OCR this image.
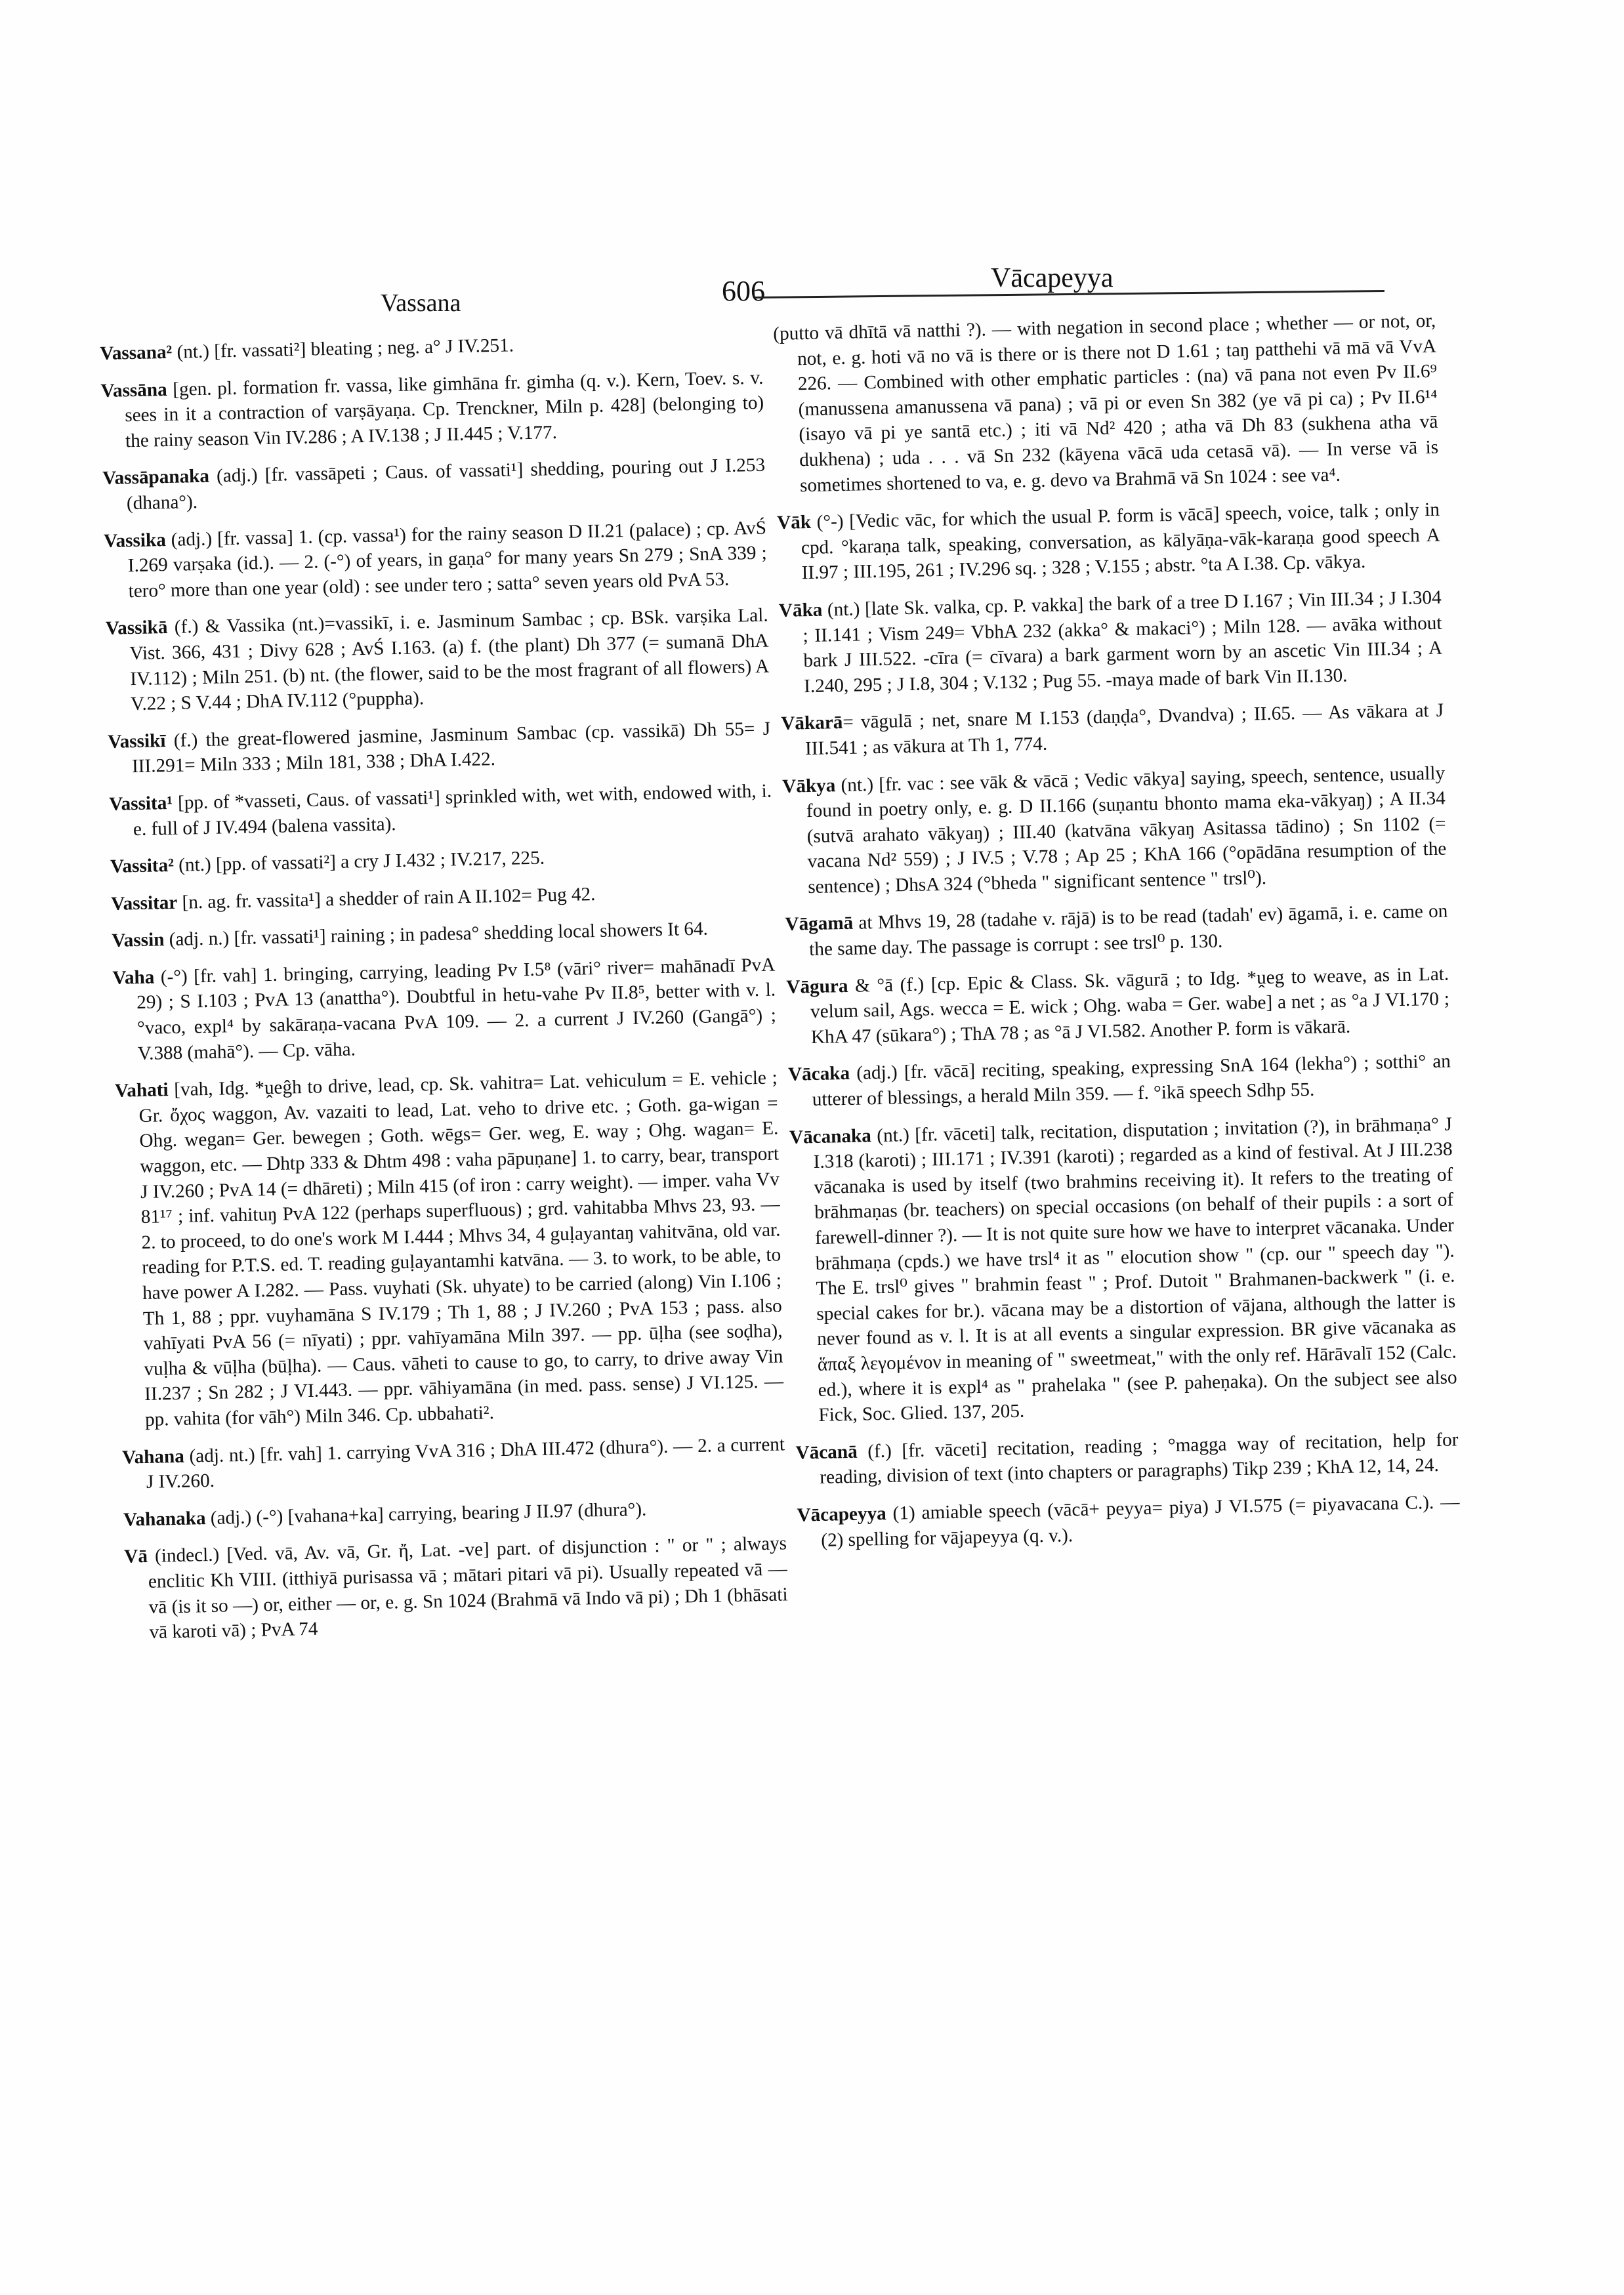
Vassana	606	Vācapeyya

Vassana² (nt.) [fr. vassati²] bleating ; neg. a° J IV.251.

Vassāna [gen. pl. formation fr. vassa, like gimhāna fr. gimha (q. v.). Kern, Toev. s. v. sees in it a contraction of varṣāyaṇa. Cp. Trenckner, Miln p. 428] (belonging to) the rainy season Vin IV.286 ; A IV.138 ; J II.445 ; V.177.

Vassāpanaka (adj.) [fr. vassāpeti ; Caus. of vassati¹] shedding, pouring out J I.253 (dhana°).

Vassika (adj.) [fr. vassa] 1. (cp. vassa¹) for the rainy season D II.21 (palace) ; cp. AvŚ I.269 varṣaka (id.). — 2. (-°) of years, in gaṇa° for many years Sn 279 ; SnA 339 ; tero° more than one year (old) : see under tero ; satta° seven years old PvA 53.

Vassikā (f.) & Vassika (nt.)=vassikī, i. e. Jasminum Sambac ; cp. BSk. varṣika Lal. Vist. 366, 431 ; Divy 628 ; AvŚ I.163. (a) f. (the plant) Dh 377 (= sumanā DhA IV.112) ; Miln 251. (b) nt. (the flower, said to be the most fragrant of all flowers) A V.22 ; S V.44 ; DhA IV.112 (°puppha).

Vassikī (f.) the great-flowered jasmine, Jasminum Sambac (cp. vassikā) Dh 55= J III.291= Miln 333 ; Miln 181, 338 ; DhA I.422.

Vassita¹ [pp. of *vasseti, Caus. of vassati¹] sprinkled with, wet with, endowed with, i. e. full of J IV.494 (balena vassita).

Vassita² (nt.) [pp. of vassati²] a cry J I.432 ; IV.217, 225.

Vassitar [n. ag. fr. vassita¹] a shedder of rain A II.102= Pug 42.

Vassin (adj. n.) [fr. vassati¹] raining ; in padesa° shedding local showers It 64.

Vaha (-°) [fr. vah] 1. bringing, carrying, leading Pv I.5⁸ (vāri° river= mahānadī PvA 29) ; S I.103 ; PvA 13 (anattha°). Doubtful in hetu-vahe Pv II.8⁵, better with v. l. °vaco, expl⁴ by sakāraṇa-vacana PvA 109. — 2. a current J IV.260 (Gangā°) ; V.388 (mahā°). — Cp. vāha.

Vahati [vah, Idg. *ṷeĝh to drive, lead, cp. Sk. vahitra= Lat. vehiculum = E. vehicle ; Gr. ὄχος waggon, Av. vazaiti to lead, Lat. veho to drive etc. ; Goth. ga-wigan = Ohg. wegan= Ger. bewegen ; Goth. wēgs= Ger. weg, E. way ; Ohg. wagan= E. waggon, etc. — Dhtp 333 & Dhtm 498 : vaha pāpuṇane] 1. to carry, bear, transport J IV.260 ; PvA 14 (= dhāreti) ; Miln 415 (of iron : carry weight). — imper. vaha Vv 81¹⁷ ; inf. vahituŋ PvA 122 (perhaps superfluous) ; grd. vahitabba Mhvs 23, 93. — 2. to proceed, to do one's work M I.444 ; Mhvs 34, 4 guḷayantaŋ vahitvāna, old var. reading for P.T.S. ed. T. reading guḷayantamhi katvāna. — 3. to work, to be able, to have power A I.282. — Pass. vuyhati (Sk. uhyate) to be carried (along) Vin I.106 ; Th 1, 88 ; ppr. vuyhamāna S IV.179 ; Th 1, 88 ; J IV.260 ; PvA 153 ; pass. also vahīyati PvA 56 (= nīyati) ; ppr. vahīyamāna Miln 397. — pp. ūḷha (see soḍha), vuḷha & vūḷha (būḷha). — Caus. vāheti to cause to go, to carry, to drive away Vin II.237 ; Sn 282 ; J VI.443. — ppr. vāhiyamāna (in med. pass. sense) J VI.125. — pp. vahita (for vāh°) Miln 346. Cp. ubbahati².

Vahana (adj. nt.) [fr. vah] 1. carrying VvA 316 ; DhA III.472 (dhura°). — 2. a current J IV.260.

Vahanaka (adj.) (-°) [vahana+ka] carrying, bearing J II.97 (dhura°).

Vā (indecl.) [Ved. vā, Av. vā, Gr. ἤ, Lat. -ve] part. of disjunction : " or " ; always enclitic Kh VIII. (itthiyā purisassa vā ; mātari pitari vā pi). Usually repeated vā — vā (is it so —) or, either — or, e. g. Sn 1024 (Brahmā vā Indo vā pi) ; Dh 1 (bhāsati vā karoti vā) ; PvA 74

(putto vā dhītā vā natthi ?). — with negation in second place ; whether — or not, or, not, e. g. hoti vā no vā is there or is there not D 1.61 ; taŋ patthehi vā mā vā VvA 226. — Combined with other emphatic particles : (na) vā pana not even Pv II.6⁹ (manussena amanussena vā pana) ; vā pi or even Sn 382 (ye vā pi ca) ; Pv II.6¹⁴ (isayo vā pi ye santā etc.) ; iti vā Nd² 420 ; atha vā Dh 83 (sukhena atha vā dukhena) ; uda . . . vā Sn 232 (kāyena vācā uda cetasā vā). — In verse vā is sometimes shortened to va, e. g. devo va Brahmā vā Sn 1024 : see va⁴.

Vāk (°-) [Vedic vāc, for which the usual P. form is vācā] speech, voice, talk ; only in cpd. °karaṇa talk, speaking, conversation, as kālyāṇa-vāk-karaṇa good speech A II.97 ; III.195, 261 ; IV.296 sq. ; 328 ; V.155 ; abstr. °ta A I.38. Cp. vākya.

Vāka (nt.) [late Sk. valka, cp. P. vakka] the bark of a tree D I.167 ; Vin III.34 ; J I.304 ; II.141 ; Vism 249= VbhA 232 (akka° & makaci°) ; Miln 128. — avāka without bark J III.522. -cīra (= cīvara) a bark garment worn by an ascetic Vin III.34 ; A I.240, 295 ; J I.8, 304 ; V.132 ; Pug 55. -maya made of bark Vin II.130.

Vākarā= vāgulā ; net, snare M I.153 (daṇḍa°, Dvandva) ; II.65. — As vākara at J III.541 ; as vākura at Th 1, 774.

Vākya (nt.) [fr. vac : see vāk & vācā ; Vedic vākya] saying, speech, sentence, usually found in poetry only, e. g. D II.166 (suṇantu bhonto mama eka-vākyaŋ) ; A II.34 (sutvā arahato vākyaŋ) ; III.40 (katvāna vākyaŋ Asitassa tādino) ; Sn 1102 (= vacana Nd² 559) ; J IV.5 ; V.78 ; Ap 25 ; KhA 166 (°opādāna resumption of the sentence) ; DhsA 324 (°bheda " significant sentence " trsl⁰).

Vāgamā at Mhvs 19, 28 (tadahe v. rājā) is to be read (tadah' ev) āgamā, i. e. came on the same day. The passage is corrupt : see trsl⁰ p. 130.

Vāgura & °ā (f.) [cp. Epic & Class. Sk. vāgurā ; to Idg. *ṷeg to weave, as in Lat. velum sail, Ags. wecca = E. wick ; Ohg. waba = Ger. wabe] a net ; as °a J VI.170 ; KhA 47 (sūkara°) ; ThA 78 ; as °ā J VI.582. Another P. form is vākarā.

Vācaka (adj.) [fr. vācā] reciting, speaking, expressing SnA 164 (lekha°) ; sotthi° an utterer of blessings, a herald Miln 359. — f. °ikā speech Sdhp 55.

Vācanaka (nt.) [fr. vāceti] talk, recitation, disputation ; invitation (?), in brāhmaṇa° J I.318 (karoti) ; III.171 ; IV.391 (karoti) ; regarded as a kind of festival. At J III.238 vācanaka is used by itself (two brahmins receiving it). It refers to the treating of brāhmaṇas (br. teachers) on special occasions (on behalf of their pupils : a sort of farewell-dinner ?). — It is not quite sure how we have to interpret vācanaka. Under brāhmaṇa (cpds.) we have trsl⁴ it as " elocution show " (cp. our " speech day "). The E. trsl⁰ gives " brahmin feast " ; Prof. Dutoit " Brahmanen-backwerk " (i. e. special cakes for br.). vācana may be a distortion of vājana, although the latter is never found as v. l. It is at all events a singular expression. BR give vācanaka as ἅπαξ λεγομένον in meaning of " sweetmeat," with the only ref. Hārāvalī 152 (Calc. ed.), where it is expl⁴ as " prahelaka " (see P. paheṇaka). On the subject see also Fick, Soc. Glied. 137, 205.

Vācanā (f.) [fr. vāceti] recitation, reading ; °magga way of recitation, help for reading, division of text (into chapters or paragraphs) Tikp 239 ; KhA 12, 14, 24.

Vācapeyya (1) amiable speech (vācā+ peyya= piya) J VI.575 (= piyavacana C.). — (2) spelling for vājapeyya (q. v.).
